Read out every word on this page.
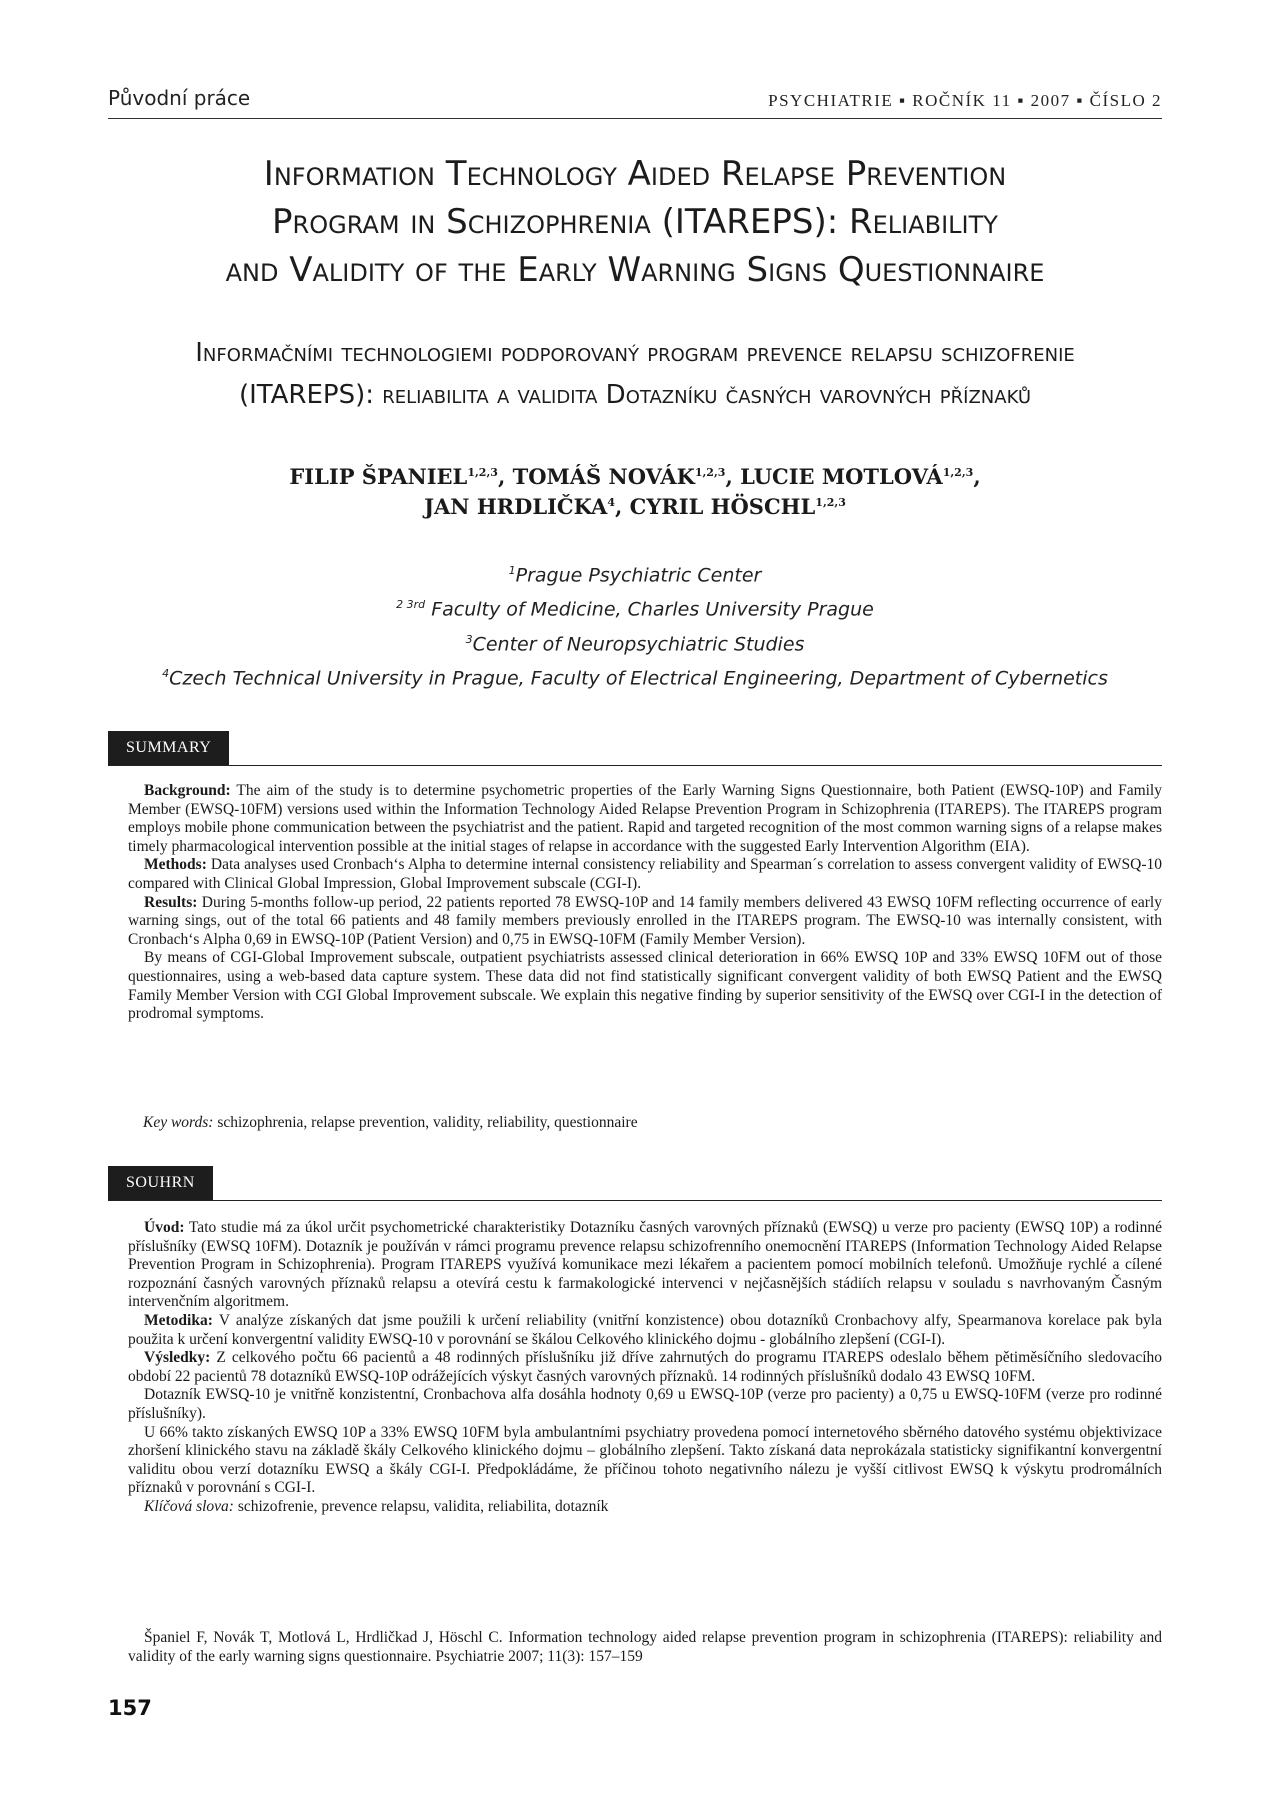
Původní práce	PSYCHIATRIE ▪ ROČNÍK 11 ▪ 2007 ▪ ČÍSLO 2
Information Technology Aided Relapse Prevention
Program in Schizophrenia (ITAREPS): Reliability
and Validity of the Early Warning Signs Questionnaire
Informačními technologiemi podporovaný program prevence relapsu schizofrenie
(ITAREPS): reliabilita a validita Dotazníku časných varovných příznaků
FILIP ŠPANIEL$^{1,2,3}$, TOMÁŠ NOVÁK$^{1,2,3}$, LUCIE MOTLOVÁ$^{1,2,3}$,
JAN HRDLIČKA$^4$, CYRIL HÖSCHL$^{1,2,3}$
$^1$Prague Psychiatric Center
$^{2 3rd}$ Faculty of Medicine, Charles University Prague
$^3$Center of Neuropsychiatric Studies
$^4$Czech Technical University in Prague, Faculty of Electrical Engineering, Department of Cybernetics
SUMMARY

Background: The aim of the study is to determine psychometric properties of the Early Warning Signs Questionnaire, both Patient (EWSQ-10P) and Family Member (EWSQ-10FM) versions used within the Information Technology Aided Relapse Prevention Program in Schizophrenia (ITAREPS). The ITAREPS program employs mobile phone communication between the psychiatrist and the patient. Rapid and targeted recognition of the most common warning signs of a relapse makes timely pharmacological intervention possible at the initial stages of relapse in accordance with the suggested Early Intervention Algorithm (EIA).

Methods: Data analyses used Cronbach‘s Alpha to determine internal consistency reliability and Spearman´s correlation to assess convergent validity of EWSQ-10 compared with Clinical Global Impression, Global Improvement subscale (CGI-I).

Results: During 5-months follow-up period, 22 patients reported 78 EWSQ-10P and 14 family members delivered 43 EWSQ 10FM reflecting occurrence of early warning sings, out of the total 66 patients and 48 family members previously enrolled in the ITAREPS program. The EWSQ-10 was internally consistent, with Cronbach‘s Alpha 0,69 in EWSQ-10P (Patient Version) and 0,75 in EWSQ-10FM (Family Member Version).

By means of CGI-Global Improvement subscale, outpatient psychiatrists assessed clinical deterioration in 66% EWSQ 10P and 33% EWSQ 10FM out of those questionnaires, using a web-based data capture system. These data did not find statistically significant convergent validity of both EWSQ Patient and the EWSQ Family Member Version with CGI Global Improvement subscale. We explain this negative finding by superior sensitivity of the EWSQ over CGI-I in the detection of prodromal symptoms.

Key words: schizophrenia, relapse prevention, validity, reliability, questionnaire
SOUHRN

Úvod: Tato studie má za úkol určit psychometrické charakteristiky Dotazníku časných varovných příznaků (EWSQ) u verze pro pacienty (EWSQ 10P) a rodinné příslušníky (EWSQ 10FM). Dotazník je používán v rámci programu prevence relapsu schizofrenního onemocnění ITAREPS (Information Technology Aided Relapse Prevention Program in Schizophrenia). Program ITAREPS využívá komunikace mezi lékařem a pacientem pomocí mobilních telefonů. Umožňuje rychlé a cílené rozpoznání časných varovných příznaků relapsu a otevírá cestu k farmakologické intervenci v nejčasnějších stádiích relapsu v souladu s navrhovaným Časným intervenčním algoritmem.

Metodika: V analýze získaných dat jsme použili k určení reliability (vnitřní konzistence) obou dotazníků Cronbachovy alfy, Spearmanova korelace pak byla použita k určení konvergentní validity EWSQ-10 v porovnání se škálou Celkového klinického dojmu - globálního zlepšení (CGI-I).

Výsledky: Z celkového počtu 66 pacientů a 48 rodinných příslušníku již dříve zahrnutých do programu ITAREPS odeslalo během pětiměsíčního sledovacího období 22 pacientů 78 dotazníků EWSQ-10P odrážejících výskyt časných varovných příznaků. 14 rodinných příslušníků dodalo 43 EWSQ 10FM.

Dotazník EWSQ-10 je vnitřně konzistentní, Cronbachova alfa dosáhla hodnoty 0,69 u EWSQ-10P (verze pro pacienty) a 0,75 u EWSQ-10FM (verze pro rodinné příslušníky).

U 66% takto získaných EWSQ 10P a 33% EWSQ 10FM byla ambulantními psychiatry provedena pomocí internetového sběrného datového systému objektivizace zhoršení klinického stavu na základě škály Celkového klinického dojmu – globálního zlepšení. Takto získaná data neprokázala statisticky signifikantní konvergentní validitu obou verzí dotazníku EWSQ a škály CGI-I. Předpokládáme, že příčinou tohoto negativního nálezu je vyšší citlivost EWSQ k výskytu prodromálních příznaků v porovnání s CGI-I.

Klíčová slova: schizofrenie, prevence relapsu, validita, reliabilita, dotazník

Španiel F, Novák T, Motlová L, Hrdličkad J, Höschl C. Information technology aided relapse prevention program in schizophrenia (ITAREPS): reliability and validity of the early warning signs questionnaire. Psychiatrie 2007; 11(3): 157–159
157
